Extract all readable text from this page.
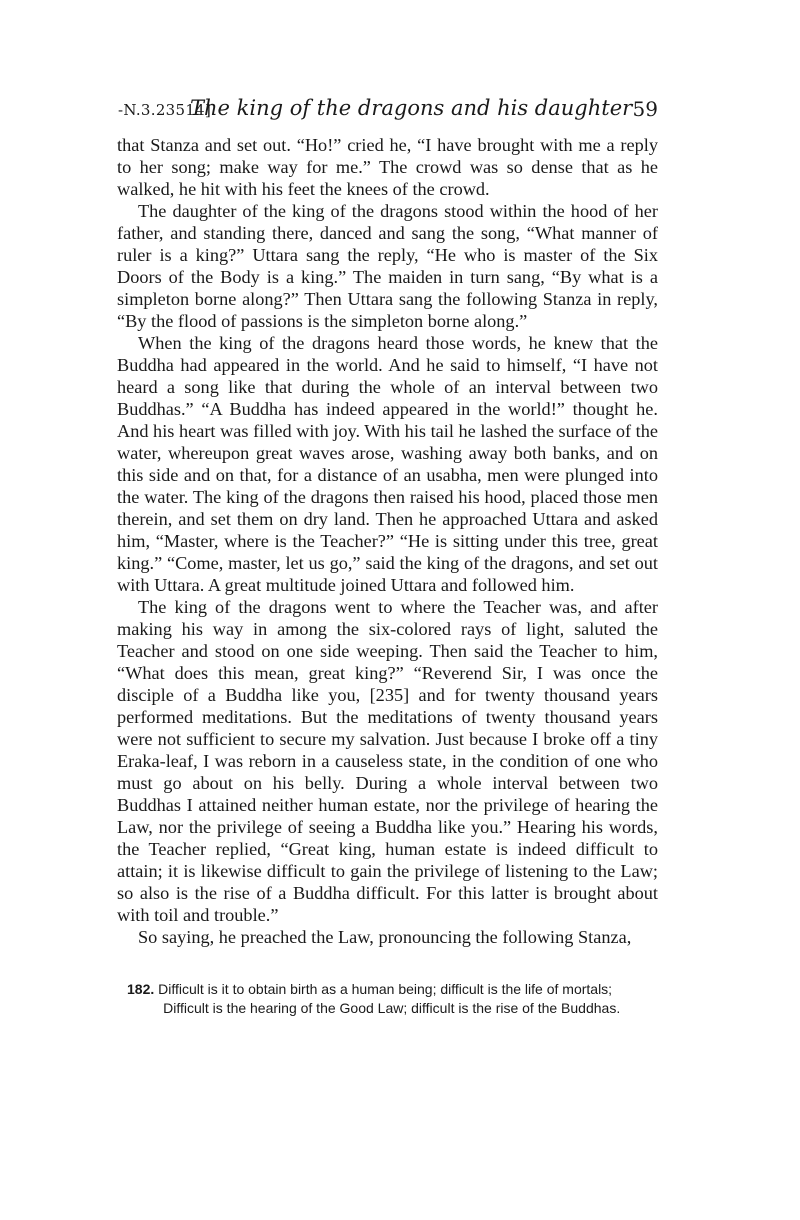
-N.3.23514]
The king of the dragons and his daughter 59

that Stanza and set out. “Ho!” cried he, “I have brought with me a reply to her song; make way for me.” The crowd was so dense that as he walked, he hit with his feet the knees of the crowd.

The daughter of the king of the dragons stood within the hood of her father, and standing there, danced and sang the song, “What manner of ruler is a king?” Uttara sang the reply, “He who is master of the Six Doors of the Body is a king.” The maiden in turn sang, “By what is a simpleton borne along?” Then Uttara sang the following Stanza in reply, “By the flood of passions is the simpleton borne along.”

When the king of the dragons heard those words, he knew that the Buddha had appeared in the world. And he said to himself, “I have not heard a song like that during the whole of an interval between two Buddhas.” “A Buddha has indeed appeared in the world!” thought he. And his heart was filled with joy. With his tail he lashed the surface of the water, whereupon great waves arose, washing away both banks, and on this side and on that, for a distance of an usabha, men were plunged into the water. The king of the dragons then raised his hood, placed those men therein, and set them on dry land. Then he approached Uttara and asked him, “Master, where is the Teacher?” “He is sitting under this tree, great king.” “Come, master, let us go,” said the king of the dragons, and set out with Uttara. A great multitude joined Uttara and followed him.

The king of the dragons went to where the Teacher was, and after making his way in among the six-colored rays of light, saluted the Teacher and stood on one side weeping. Then said the Teacher to him, “What does this mean, great king?” “Reverend Sir, I was once the disciple of a Buddha like you, [235] and for twenty thousand years performed meditations. But the meditations of twenty thousand years were not sufficient to secure my salvation. Just because I broke off a tiny Eraka-leaf, I was reborn in a causeless state, in the condition of one who must go about on his belly. During a whole interval between two Buddhas I attained neither human estate, nor the privilege of hearing the Law, nor the privilege of seeing a Buddha like you.” Hearing his words, the Teacher replied, “Great king, human estate is indeed difficult to attain; it is likewise difficult to gain the privilege of listening to the Law; so also is the rise of a Buddha difficult. For this latter is brought about with toil and trouble.”

So saying, he preached the Law, pronouncing the following Stanza,

182. Difficult is it to obtain birth as a human being; difficult is the life of mortals;
Difficult is the hearing of the Good Law; difficult is the rise of the Buddhas.
